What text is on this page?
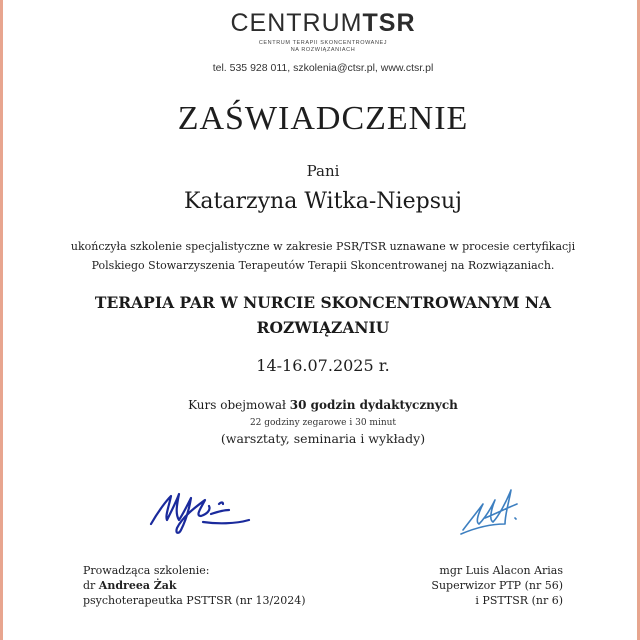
CENTRUMTSR
CENTRUM TERAPII SKONCENTROWANEJ
NA ROZWIĄZANIACH
tel. 535 928 011, szkolenia@ctsr.pl, www.ctsr.pl
ZAŚWIADCZENIE
Pani
Katarzyna Witka-Niepsuj
ukończyła szkolenie specjalistyczne w zakresie PSR/TSR uznawane w procesie certyfikacji
Polskiego Stowarzyszenia Terapeutów Terapii Skoncentrowanej na Rozwiązaniach.
TERAPIA PAR W NURCIE SKONCENTROWANYM NA
ROZWIĄZANIU
14-16.07.2025 r.
Kurs obejmował 30 godzin dydaktycznych
22 godziny zegarowe i 30 minut
(warsztaty, seminaria i wykłady)
Prowadząca szkolenie:
dr Andreea Żak
psychoterapeutka PSTTSR (nr 13/2024)
mgr Luis Alacon Arias
Superwizor PTP (nr 56)
i PSTTSR (nr 6)
